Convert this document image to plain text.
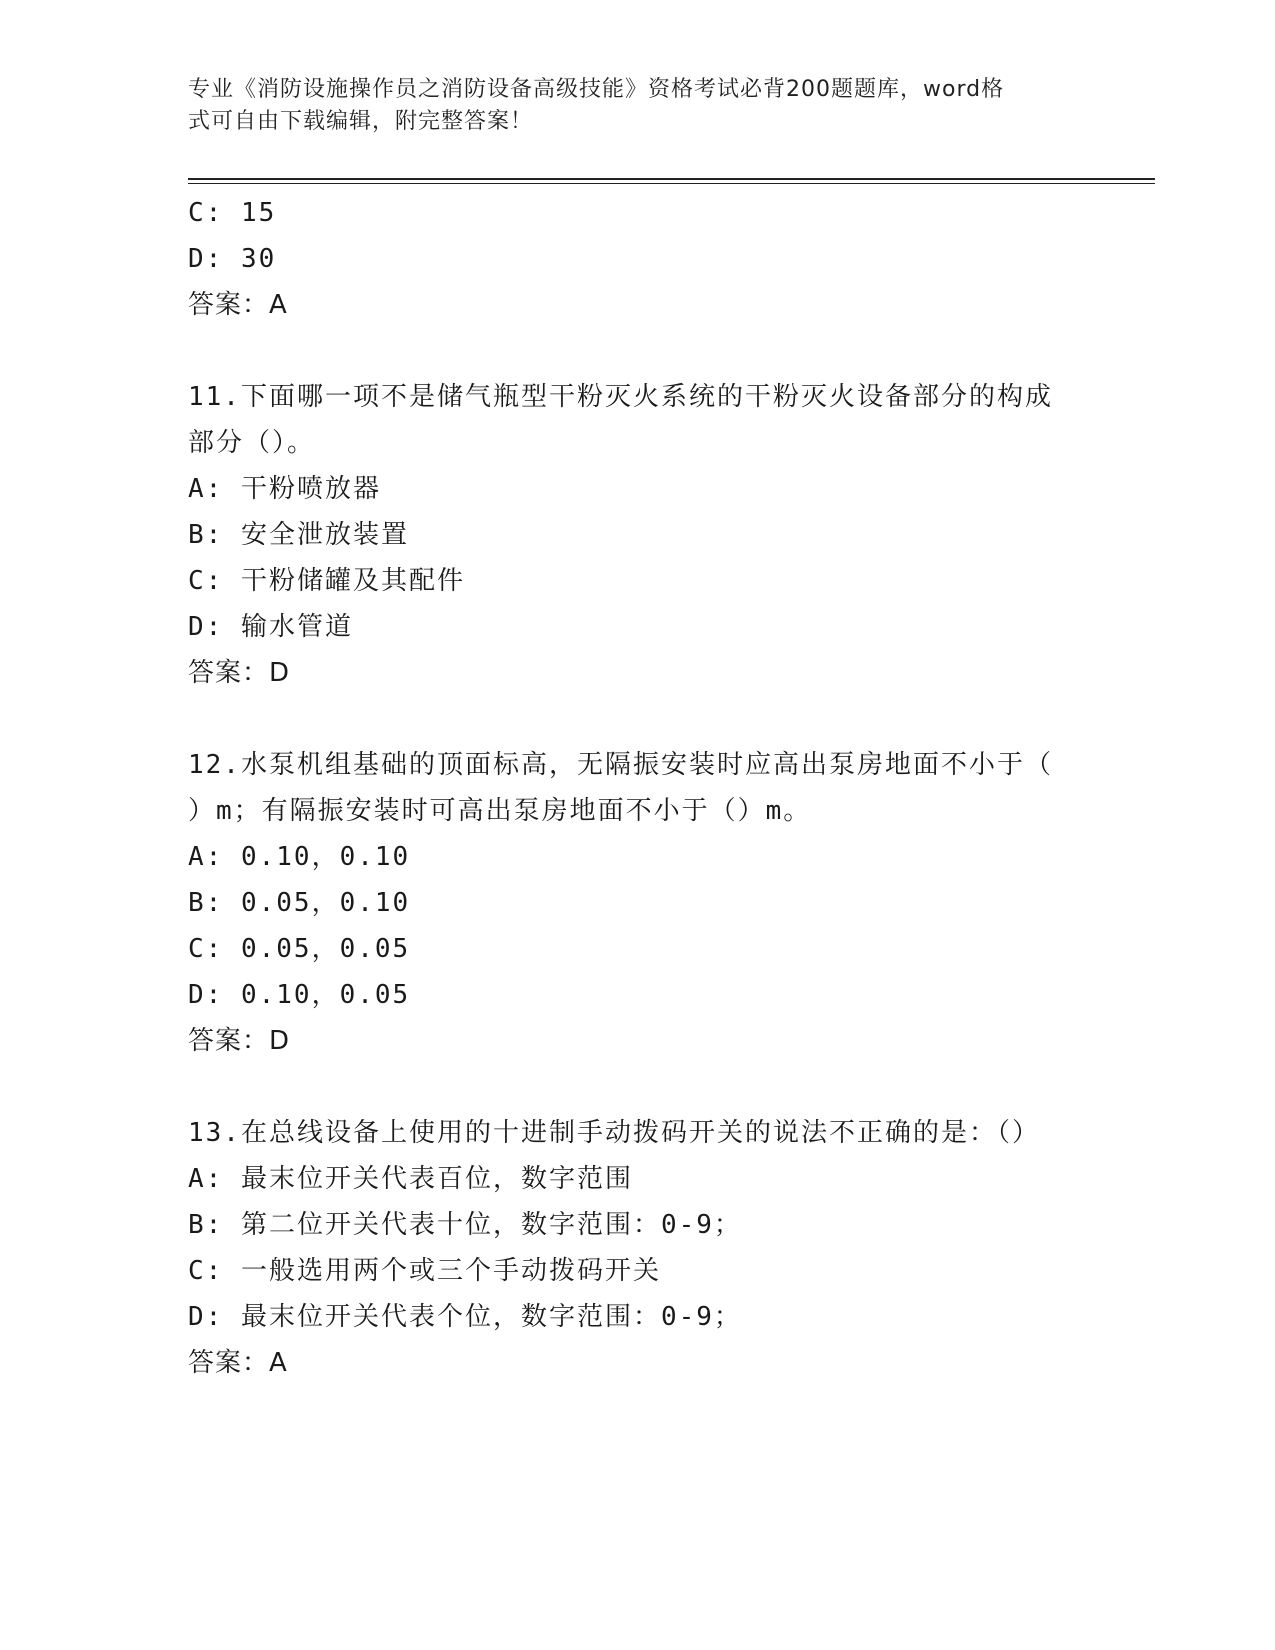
专业《消防设施操作员之消防设备高级技能》资格考试必背200题题库，word格
式可自由下载编辑，附完整答案！
C: 15
D: 30
答案：A
11.下面哪一项不是储气瓶型干粉灭火系统的干粉灭火设备部分的构成
部分（）。
A: 干粉喷放器
B: 安全泄放装置
C: 干粉储罐及其配件
D: 输水管道
答案：D
12.水泵机组基础的顶面标高，无隔振安装时应高出泵房地面不小于（
）m；有隔振安装时可高出泵房地面不小于（）m。
A: 0.10，0.10
B: 0.05，0.10
C: 0.05，0.05
D: 0.10，0.05
答案：D
13.在总线设备上使用的十进制手动拨码开关的说法不正确的是：（）
A: 最末位开关代表百位，数字范围
B: 第二位开关代表十位，数字范围：0-9；
C: 一般选用两个或三个手动拨码开关
D: 最末位开关代表个位，数字范围：0-9；
答案：A
